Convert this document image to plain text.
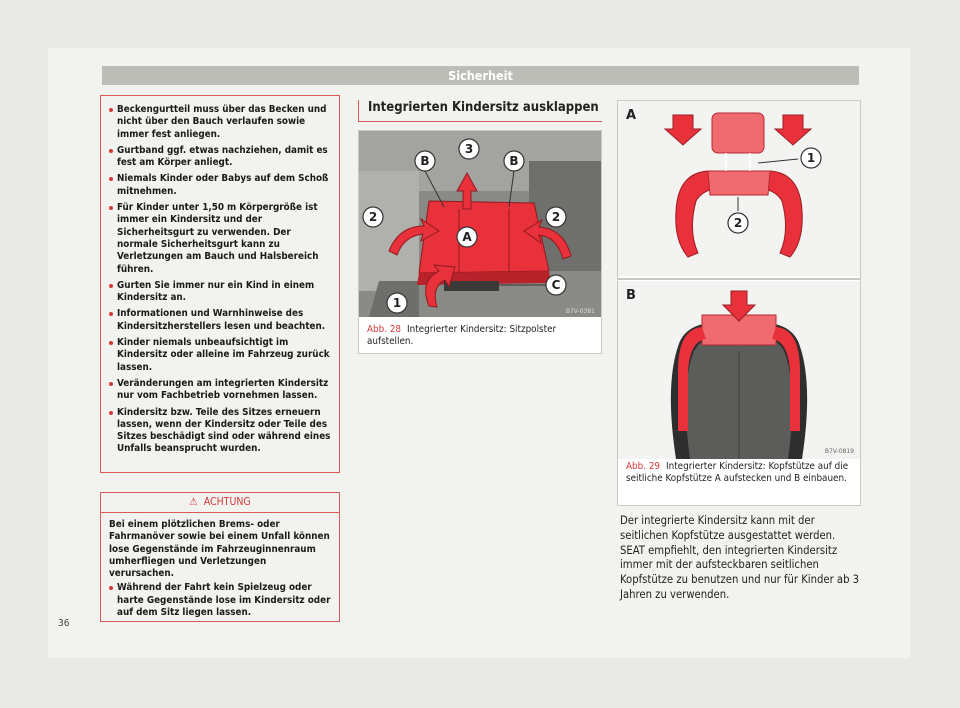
Sicherheit
Beckengurtteil muss über das Becken und nicht über den Bauch verlaufen sowie immer fest anliegen.
Gurtband ggf. etwas nachziehen, damit es fest am Körper anliegt.
Niemals Kinder oder Babys auf dem Schoß mitnehmen.
Für Kinder unter 1,50 m Körpergröße ist immer ein Kindersitz und der Sicherheitsgurt zu verwenden. Der normale Sicherheitsgurt kann zu Verletzungen am Bauch und Halsbereich führen.
Gurten Sie immer nur ein Kind in einem Kindersitz an.
Informationen und Warnhinweise des Kindersitzherstellers lesen und beachten.
Kinder niemals unbeaufsichtigt im Kindersitz oder alleine im Fahrzeug zurück lassen.
Veränderungen am integrierten Kindersitz nur vom Fachbetrieb vornehmen lassen.
Kindersitz bzw. Teile des Sitzes erneuern lassen, wenn der Kindersitz oder Teile des Sitzes beschädigt sind oder während eines Unfalls beansprucht wurden.
⚠ ACHTUNG

Bei einem plötzlichen Brems- oder Fahrmanöver sowie bei einem Unfall können lose Gegenstände im Fahrzeuginnenraum umherfliegen und Verletzungen verursachen.

Während der Fahrt kein Spielzeug oder harte Gegenstände lose im Kindersitz oder auf dem Sitz liegen lassen.

Integrierten Kindersitz ausklappen
3
B	B
2	2
A
C
1
B7V-0381
Abb. 28 Integrierter Kindersitz: Sitzpolster aufstellen.
A
1
2
B
B7V-0819
Abb. 29 Integrierter Kindersitz: Kopfstütze auf die seitliche Kopfstütze A aufstecken und B einbauen.
Der integrierte Kindersitz kann mit der seitlichen Kopfstütze ausgestattet werden. SEAT empfiehlt, den integrierten Kindersitz immer mit der aufsteckbaren seitlichen Kopfstütze zu benutzen und nur für Kinder ab 3 Jahren zu verwenden.
36
